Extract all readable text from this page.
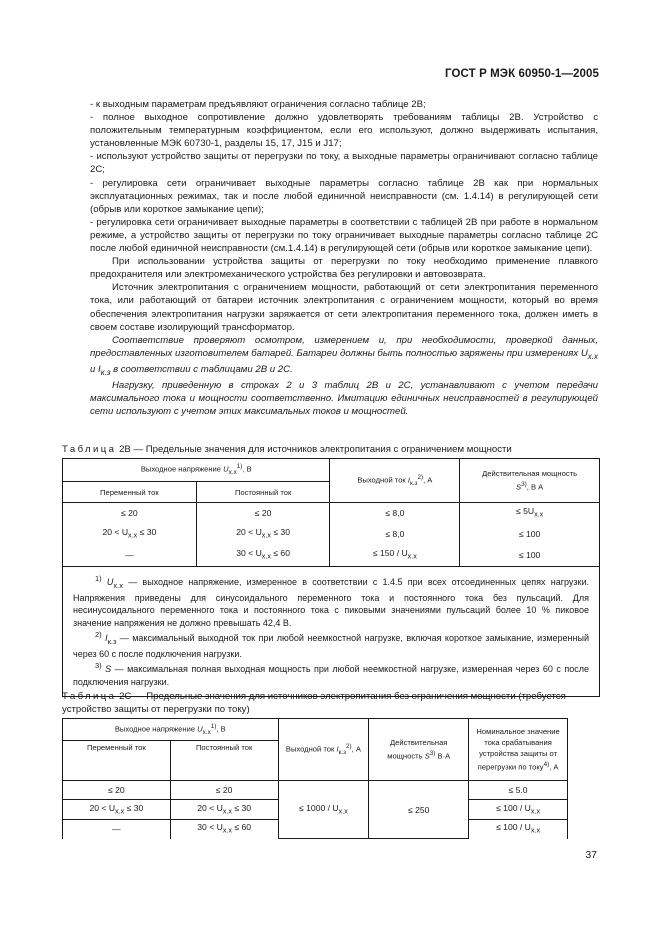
ГОСТ Р МЭК 60950-1—2005

- к выходным параметрам предъявляют ограничения согласно таблице 2В;

- полное выходное сопротивление должно удовлетворять требованиям таблицы 2В. Устройство с положительным температурным коэффициентом, если его используют, должно выдерживать испытания, установленные МЭК 60730-1, разделы 15, 17, J15 и J17;

- используют устройство защиты от перегрузки по току, а выходные параметры ограничивают согласно таблице 2С;

- регулировка сети ограничивает выходные параметры согласно таблице 2В как при нормальных эксплуатационных режимах, так и после любой единичной неисправности (см. 1.4.14) в регулирующей сети (обрыв или короткое замыкание цепи);

- регулировка сети ограничивает выходные параметры в соответствии с таблицей 2В при работе в нормальном режиме, а устройство защиты от перегрузки по току ограничивает выходные параметры согласно таблице 2С после любой единичной неисправности (см.1.4.14) в регулирующей сети (обрыв или короткое замыкание цепи).

При использовании устройства защиты от перегрузки по току необходимо применение плавкого предохранителя или электромеханического устройства без регулировки и автовозврата.

Источник электропитания с ограничением мощности, работающий от сети электропитания переменного тока, или работающий от батареи источник электропитания с ограничением мощности, который во время обеспечения электропитания нагрузки заряжается от сети электропитания переменного тока, должен иметь в своем составе изолирующий трансформатор.

Соответствие проверяют осмотром, измерением и, при необходимости, проверкой данных, предоставленных изготовителем батарей. Батареи должны быть полностью заряжены при измерениях $U_{х.х}$ и $I_{к.з}$ в соответствии с таблицами 2В и 2С.

Нагрузку, приведенную в строках 2 и 3 таблиц 2В и 2С, устанавливают с учетом передачи максимального тока и мощности соответственно. Имитацию единичных неисправностей в регулирующей сети используют с учетом этих максимальных токов и мощностей.

Таблица 2В — Предельные значения для источников электропитания с ограничением мощности
Выходное напряжение $U_{х.х}^{1)}$, В		Выходной ток $I_{к.з}^{2)}$, А	Действительная мощность
$S^{3)}$, В А
Переменный ток	Постоянный ток		
≤ 20	≤ 20	≤ 8,0	≤ $5U_{х.х}$
$20 < U_{х.х} \le 30$	$20 < U_{х.х} \le 30$	≤ 8,0	≤ 100
—	$30 < U_{х.х} \le 60$	≤ $150 / U_{х.х}$	≤ 100

$^{1)}$ $U_{х.х}$ — выходное напряжение, измеренное в соответствии с 1.4.5 при всех отсоединенных цепях нагрузки. Напряжения приведены для синусоидального переменного тока и постоянного тока без пульсаций. Для несинусоидального переменного тока и постоянного тока с пиковыми значениями пульсаций более 10 % пиковое значение напряжения не должно превышать 42,4 В.

$^{2)}$ $I_{к.з}$ — максимальный выходной ток при любой неемкостной нагрузке, включая короткое замыкание, измеренный через 60 с после подключения нагрузки.

$^{3)}$ S — максимальная полная выходная мощность при любой неемкостной нагрузке, измеренная через 60 с после подключения нагрузки.			

Таблица 2С — Предельные значения для источников электропитания без ограничения мощности (требуется устройство защиты от перегрузки по току)
Выходное напряжение $U_{х.х}^{1)}$, В		Выходной ток $I_{к.з}^{2)}$, А	Действительная мощность $S^{3)}$ В·А	Номинальное значение тока срабатывания устройства защиты от перегрузки по току$^{4)}$, А
Переменный ток	Постоянный ток			
≤ 20	≤ 20	≤ $1000 / U_{х.х}$	≤ 250	≤ 5.0
$20 < U_{х.х} \le 30$	$20 < U_{х.х} \le 30$			≤ $100 / U_{х.х}$
—	$30 < U_{х.х} \le 60$			≤ $100 / U_{х.х}$
37
